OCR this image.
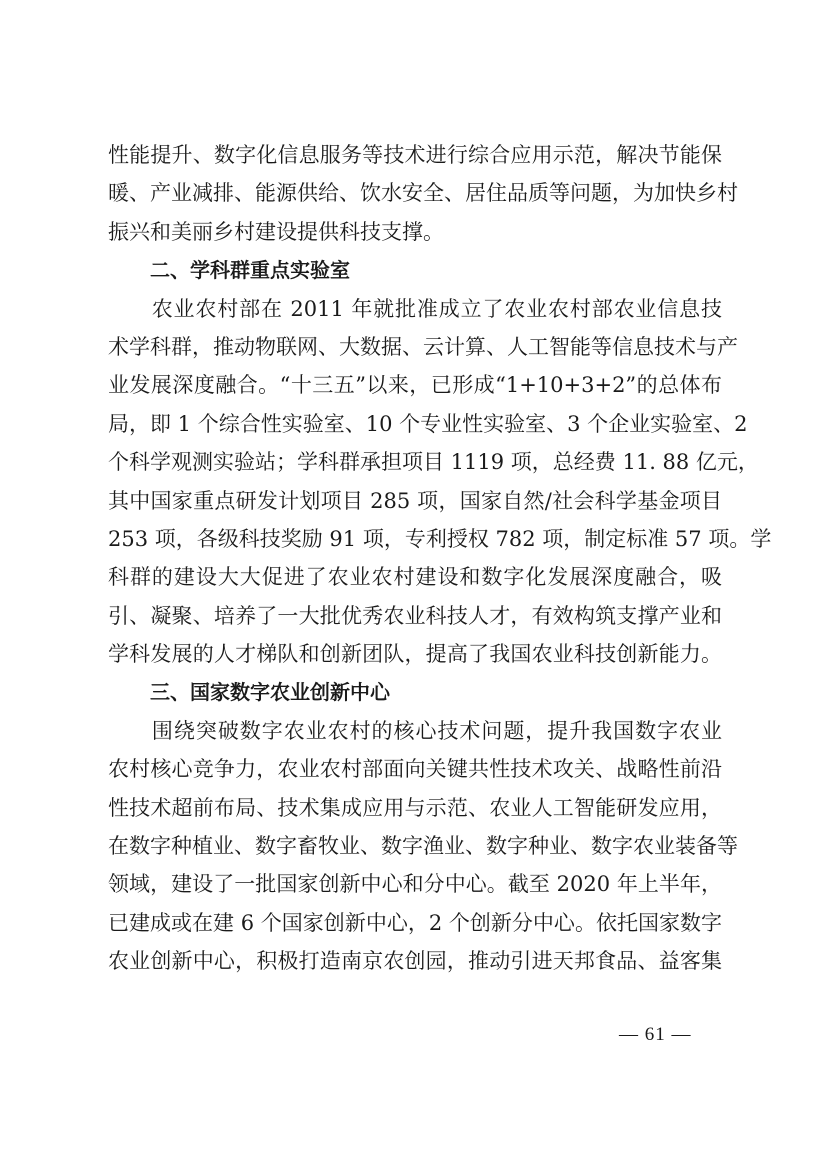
性能提升、数字化信息服务等技术进行综合应用示范，解决节能保
暖、产业减排、能源供给、饮水安全、居住品质等问题，为加快乡村
振兴和美丽乡村建设提供科技支撑。
二、学科群重点实验室
　　农业农村部在 2011 年就批准成立了农业农村部农业信息技
术学科群，推动物联网、大数据、云计算、人工智能等信息技术与产
业发展深度融合。“十三五”以来，已形成“1+10+3+2”的总体布
局，即 1 个综合性实验室、10 个专业性实验室、3 个企业实验室、2
个科学观测实验站；学科群承担项目 1119 项，总经费 11. 88 亿元，
其中国家重点研发计划项目 285 项，国家自然/社会科学基金项目
253 项，各级科技奖励 91 项，专利授权 782 项，制定标准 57 项。学
科群的建设大大促进了农业农村建设和数字化发展深度融合，吸
引、凝聚、培养了一大批优秀农业科技人才，有效构筑支撑产业和
学科发展的人才梯队和创新团队，提高了我国农业科技创新能力。
三、国家数字农业创新中心
　　围绕突破数字农业农村的核心技术问题，提升我国数字农业
农村核心竞争力，农业农村部面向关键共性技术攻关、战略性前沿
性技术超前布局、技术集成应用与示范、农业人工智能研发应用，
在数字种植业、数字畜牧业、数字渔业、数字种业、数字农业装备等
领域，建设了一批国家创新中心和分中心。截至 2020 年上半年，
已建成或在建 6 个国家创新中心，2 个创新分中心。依托国家数字
农业创新中心，积极打造南京农创园，推动引进天邦食品、益客集
— 61 —
